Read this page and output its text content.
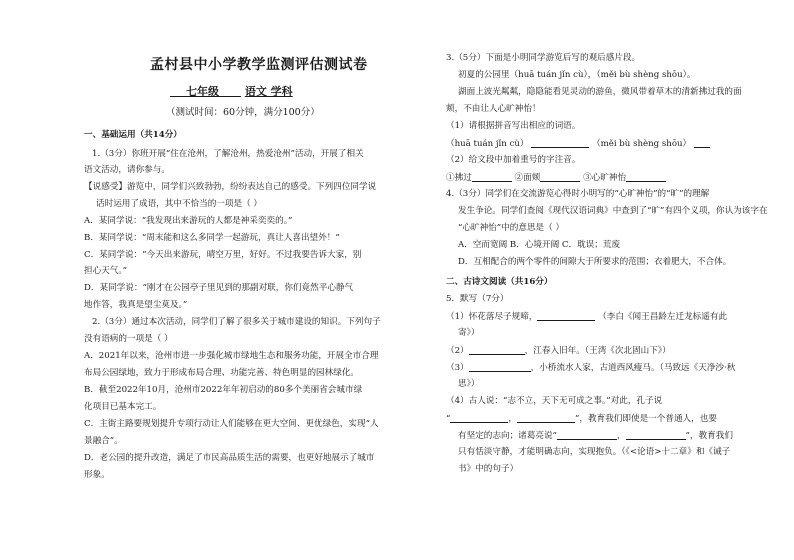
孟村县中小学教学监测评估测试卷
七年级 语文 学科
（测试时间：60分钟，满分100分）
一、基础运用（共14分）
1.（3分）你班开展“住在沧州，了解沧州，热爱沧州”活动，开展了相关
语文活动，请你参与。
【说感受】游览中，同学们兴致勃勃，纷纷表达自己的感受。下列四位同学说
话时运用了成语，其中不恰当的一项是（ ）
A．某同学说：“我发现出来游玩的人都是神采奕奕的。”
B．某同学说：“周末能和这么多同学一起游玩，真让人喜出望外！”
C．某同学说：“今天出来游玩，晴空万里，好好。不过我要告诉大家，别
担心天气。”
D．某同学说：“刚才在公园亭子里见到的那副对联，你们竟然平心静气
地作答，我真是望尘莫及。”
2.（3分）通过本次活动，同学们了解了很多关于城市建设的知识。下列句子
没有语病的一项是（ ）
A．2021年以来，沧州市进一步强化城市绿地生态和服务功能，开展全市合理
布局公园绿地，致力于形成布局合理、功能完善、特色明显的园林绿化。
B．截至2022年10月，沧州市2022年年初启动的80多个美丽省会城市绿
化项目已基本完工。
C．主街主路要规划提升专项行动让人们能够在更大空间、更优绿色，实现“人
景融合”。
D．老公园的提升改造，满足了市民高品质生活的需要，也更好地展示了城市
形象。
3.（5分）下面是小明同学游览后写的观后感片段。
初夏的公园里（huā tuán jǐn cù），（měi bù shèng shōu）。
湖面上波光粼粼，隐隐能看见灵动的游鱼，微风带着草木的清新拂过我的面
颊，不由让人心旷神怡！
（1）请根据拼音写出相应的词语。
（huā tuán jǐn cù）	（měi bù shèng shōu）
（2）给文段中加着重号的字注音。
①拂过	②面颊	③心旷神怡
4.（3分）同学们在交流游览心得时小明写的“心旷神怡”的“旷”的理解
发生争论。同学们查阅《现代汉语词典》中查到了“旷”有四个义项，你认为该字在
“心旷神怡”中的意思是（ ）
A．空而宽阔 B．心境开阔 C．耽误；荒废
D．互相配合的两个零件的间隙大于所要求的范围；衣着肥大，不合体。
二、古诗文阅读（共16分）
5．默写（7分）
（1）怀花落尽子规啼，	（李白《闻王昌龄左迁龙标遥有此
寄》）
（2）	，江春入旧年。（王湾《次北固山下》）
（3）	，小桥流水人家，古道西风瘦马。（马致远《天净沙·秋
思》）
（4）古人说：“志不立，天下无可成之事。”对此，孔子说
“	，	”，教育我们即使是一个普通人，也要
有坚定的志向；诸葛亮说“	，	”，教育我们
只有恬淡守静，才能明确志向，实现抱负。（《<论语>十二章》和《诫子
书》中的句子）
